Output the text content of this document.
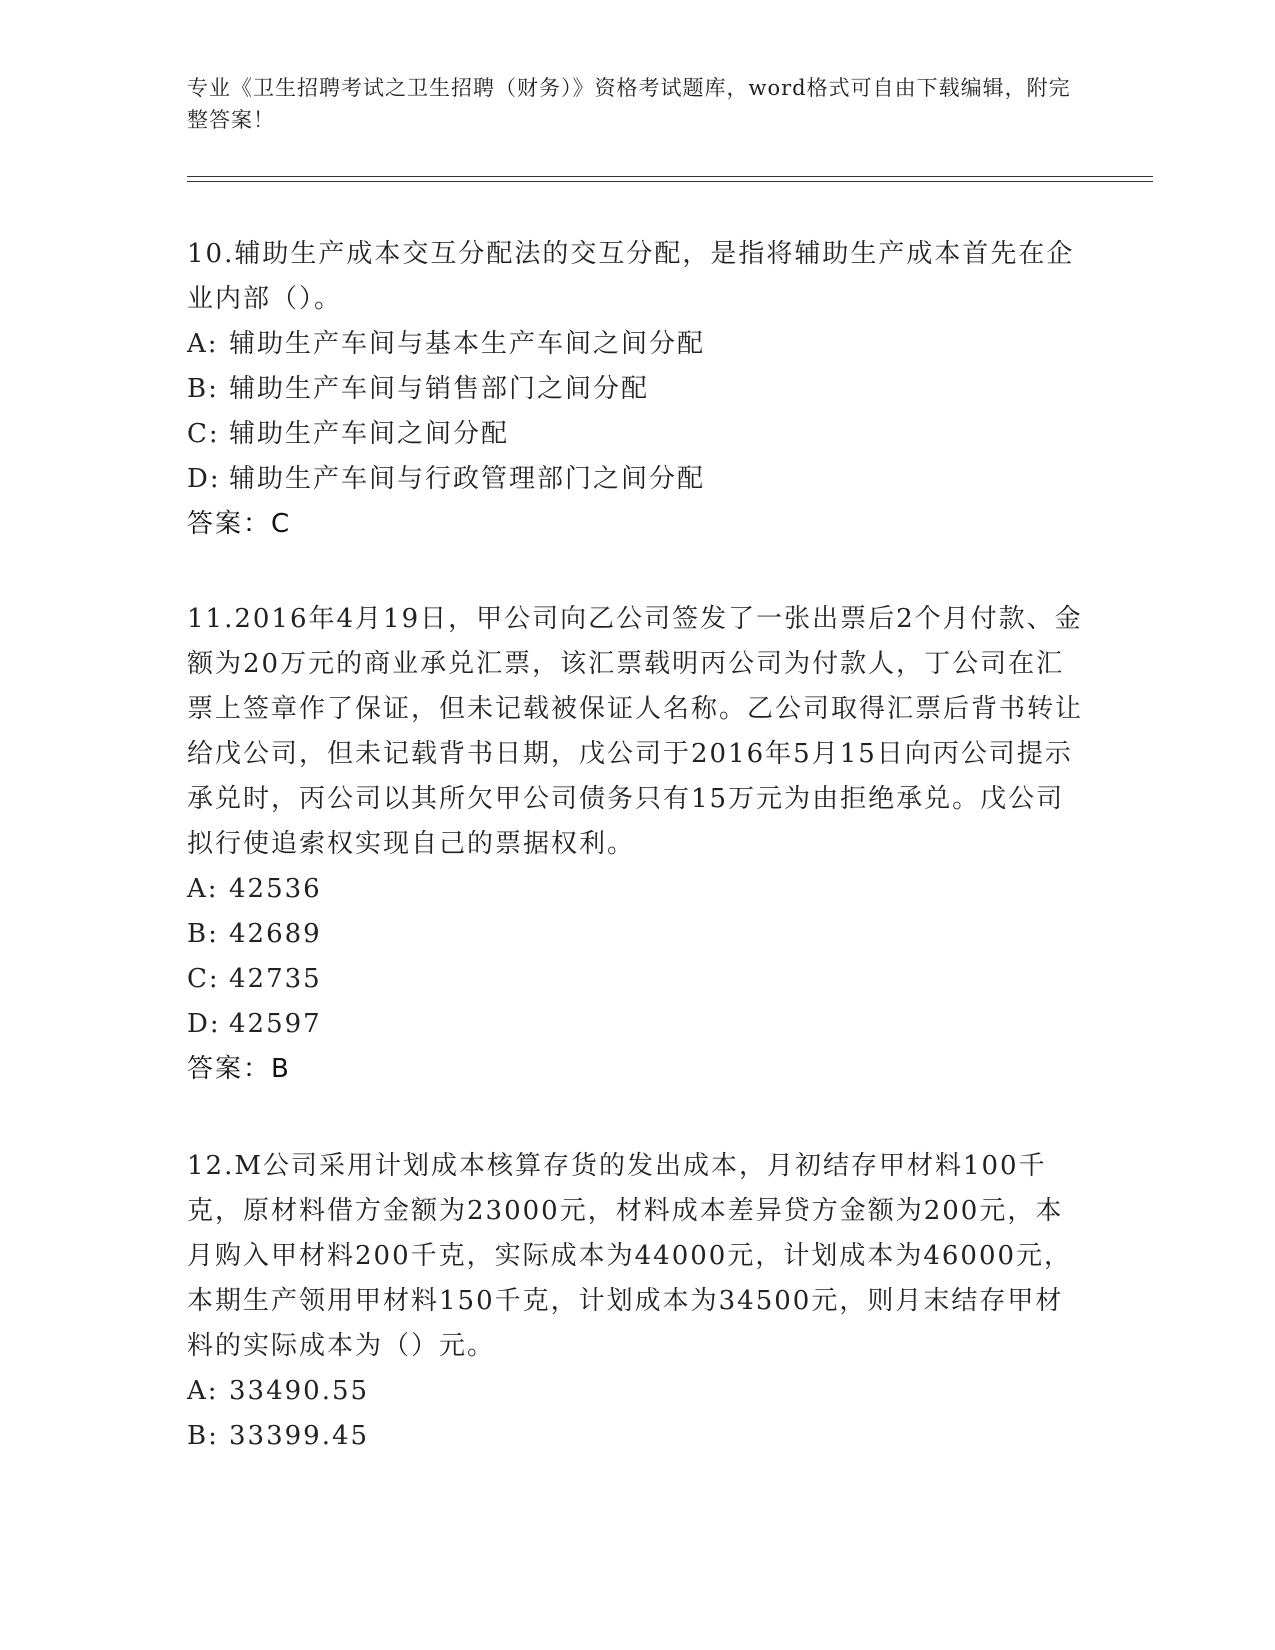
专业《卫生招聘考试之卫生招聘（财务）》资格考试题库，word格式可自由下载编辑，附完整答案！

10.辅助生产成本交互分配法的交互分配，是指将辅助生产成本首先在企业内部（）。

A: 辅助生产车间与基本生产车间之间分配

B: 辅助生产车间与销售部门之间分配

C: 辅助生产车间之间分配

D: 辅助生产车间与行政管理部门之间分配

答案：C

11.2016年4月19日，甲公司向乙公司签发了一张出票后2个月付款、金额为20万元的商业承兑汇票，该汇票载明丙公司为付款人，丁公司在汇票上签章作了保证，但未记载被保证人名称。乙公司取得汇票后背书转让给戊公司，但未记载背书日期，戊公司于2016年5月15日向丙公司提示承兑时，丙公司以其所欠甲公司债务只有15万元为由拒绝承兑。戊公司拟行使追索权实现自己的票据权利。

A: 42536

B: 42689

C: 42735

D: 42597

答案：B

12.M公司采用计划成本核算存货的发出成本，月初结存甲材料100千克，原材料借方金额为23000元，材料成本差异贷方金额为200元，本月购入甲材料200千克，实际成本为44000元，计划成本为46000元，本期生产领用甲材料150千克，计划成本为34500元，则月末结存甲材料的实际成本为（）元。

A: 33490.55

B: 33399.45
